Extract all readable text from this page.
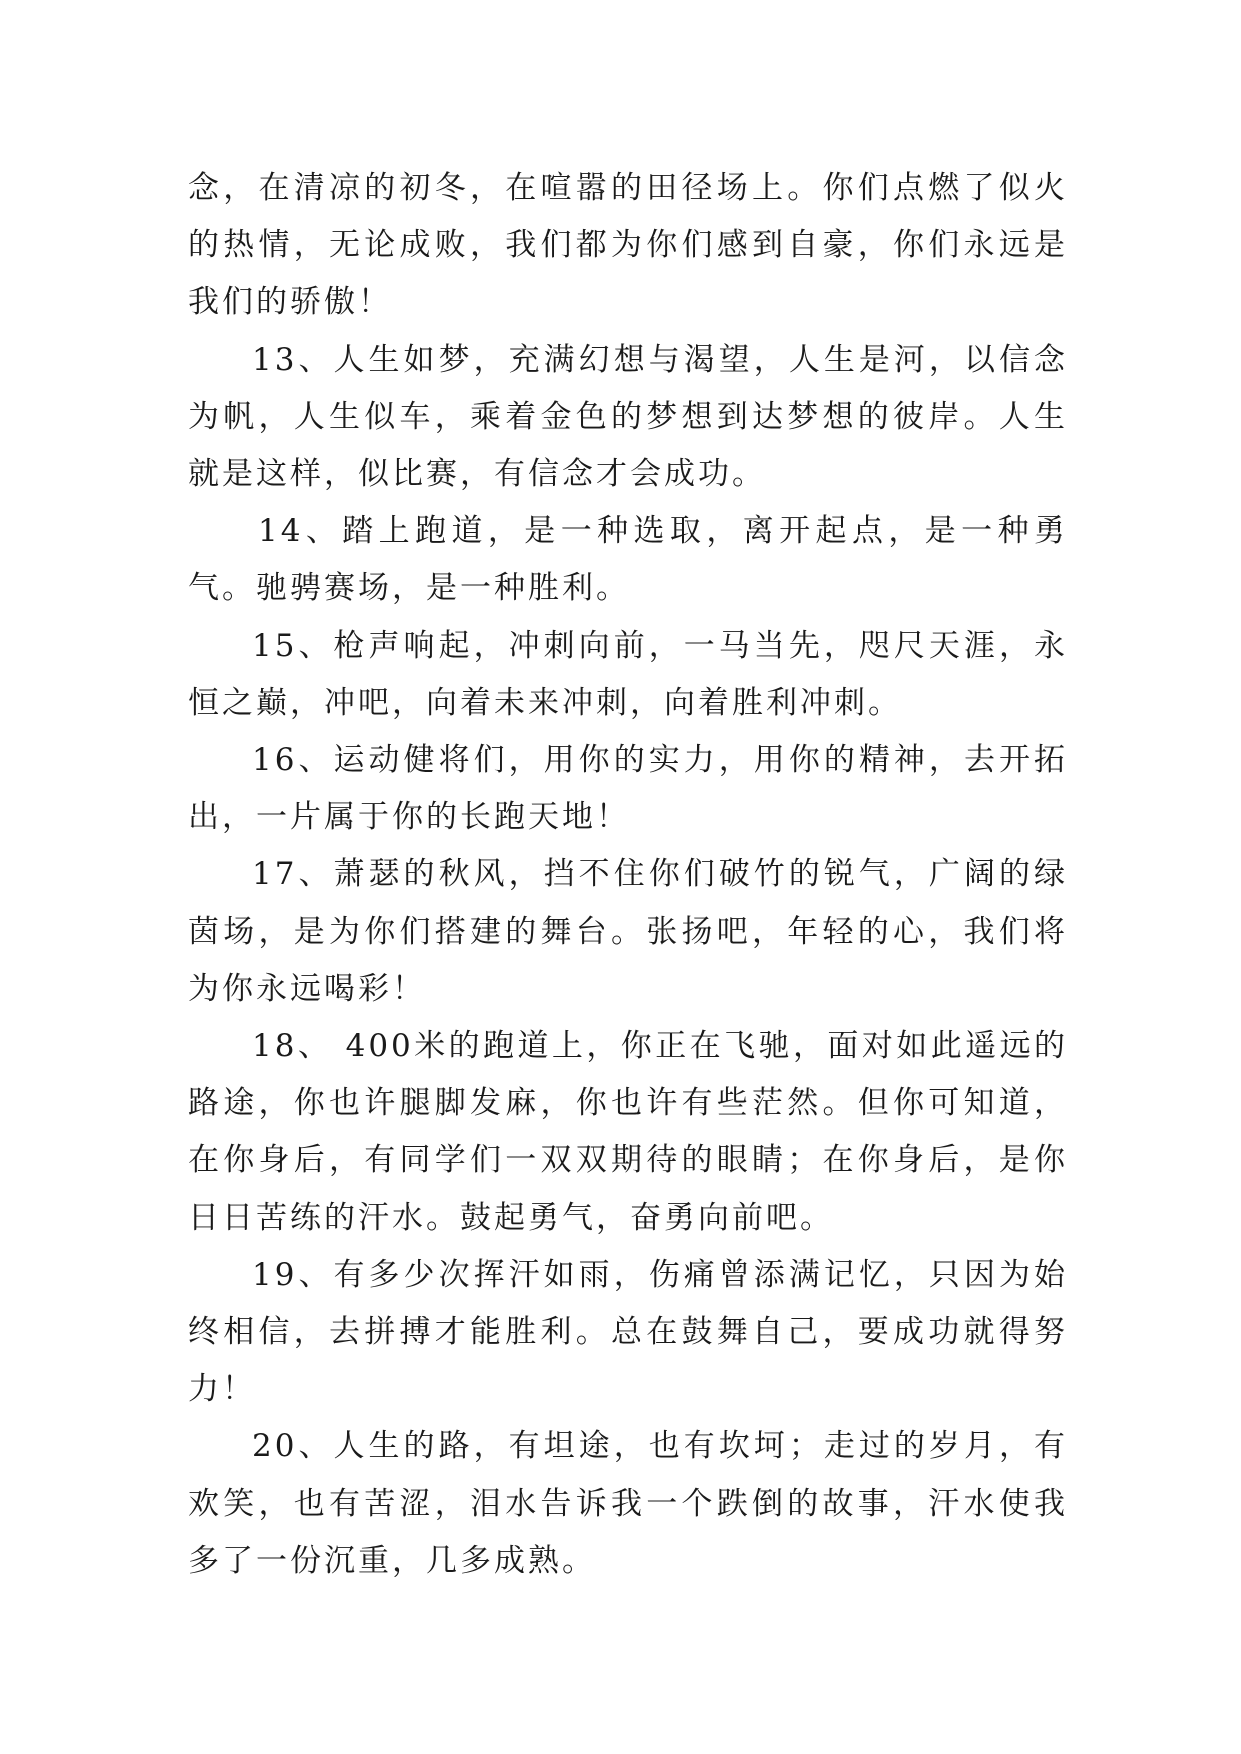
念，在清凉的初冬，在喧嚣的田径场上。你们点燃了似火的热情，无论成败，我们都为你们感到自豪，你们永远是我们的骄傲！

13、人生如梦，充满幻想与渴望，人生是河，以信念为帆，人生似车，乘着金色的梦想到达梦想的彼岸。人生就是这样，似比赛，有信念才会成功。

14、踏上跑道，是一种选取，离开起点，是一种勇气。驰骋赛场，是一种胜利。

15、枪声响起，冲刺向前，一马当先，咫尺天涯，永恒之巅，冲吧，向着未来冲刺，向着胜利冲刺。

16、运动健将们，用你的实力，用你的精神，去开拓出，一片属于你的长跑天地！

17、萧瑟的秋风，挡不住你们破竹的锐气，广阔的绿茵场，是为你们搭建的舞台。张扬吧，年轻的心，我们将为你永远喝彩！

18、 400米的跑道上，你正在飞驰，面对如此遥远的路途，你也许腿脚发麻，你也许有些茫然。但你可知道，在你身后，有同学们一双双期待的眼睛；在你身后，是你日日苦练的汗水。鼓起勇气，奋勇向前吧。

19、有多少次挥汗如雨，伤痛曾添满记忆，只因为始终相信，去拼搏才能胜利。总在鼓舞自己，要成功就得努力！

20、人生的路，有坦途，也有坎坷；走过的岁月，有欢笑，也有苦涩，泪水告诉我一个跌倒的故事，汗水使我多了一份沉重，几多成熟。
